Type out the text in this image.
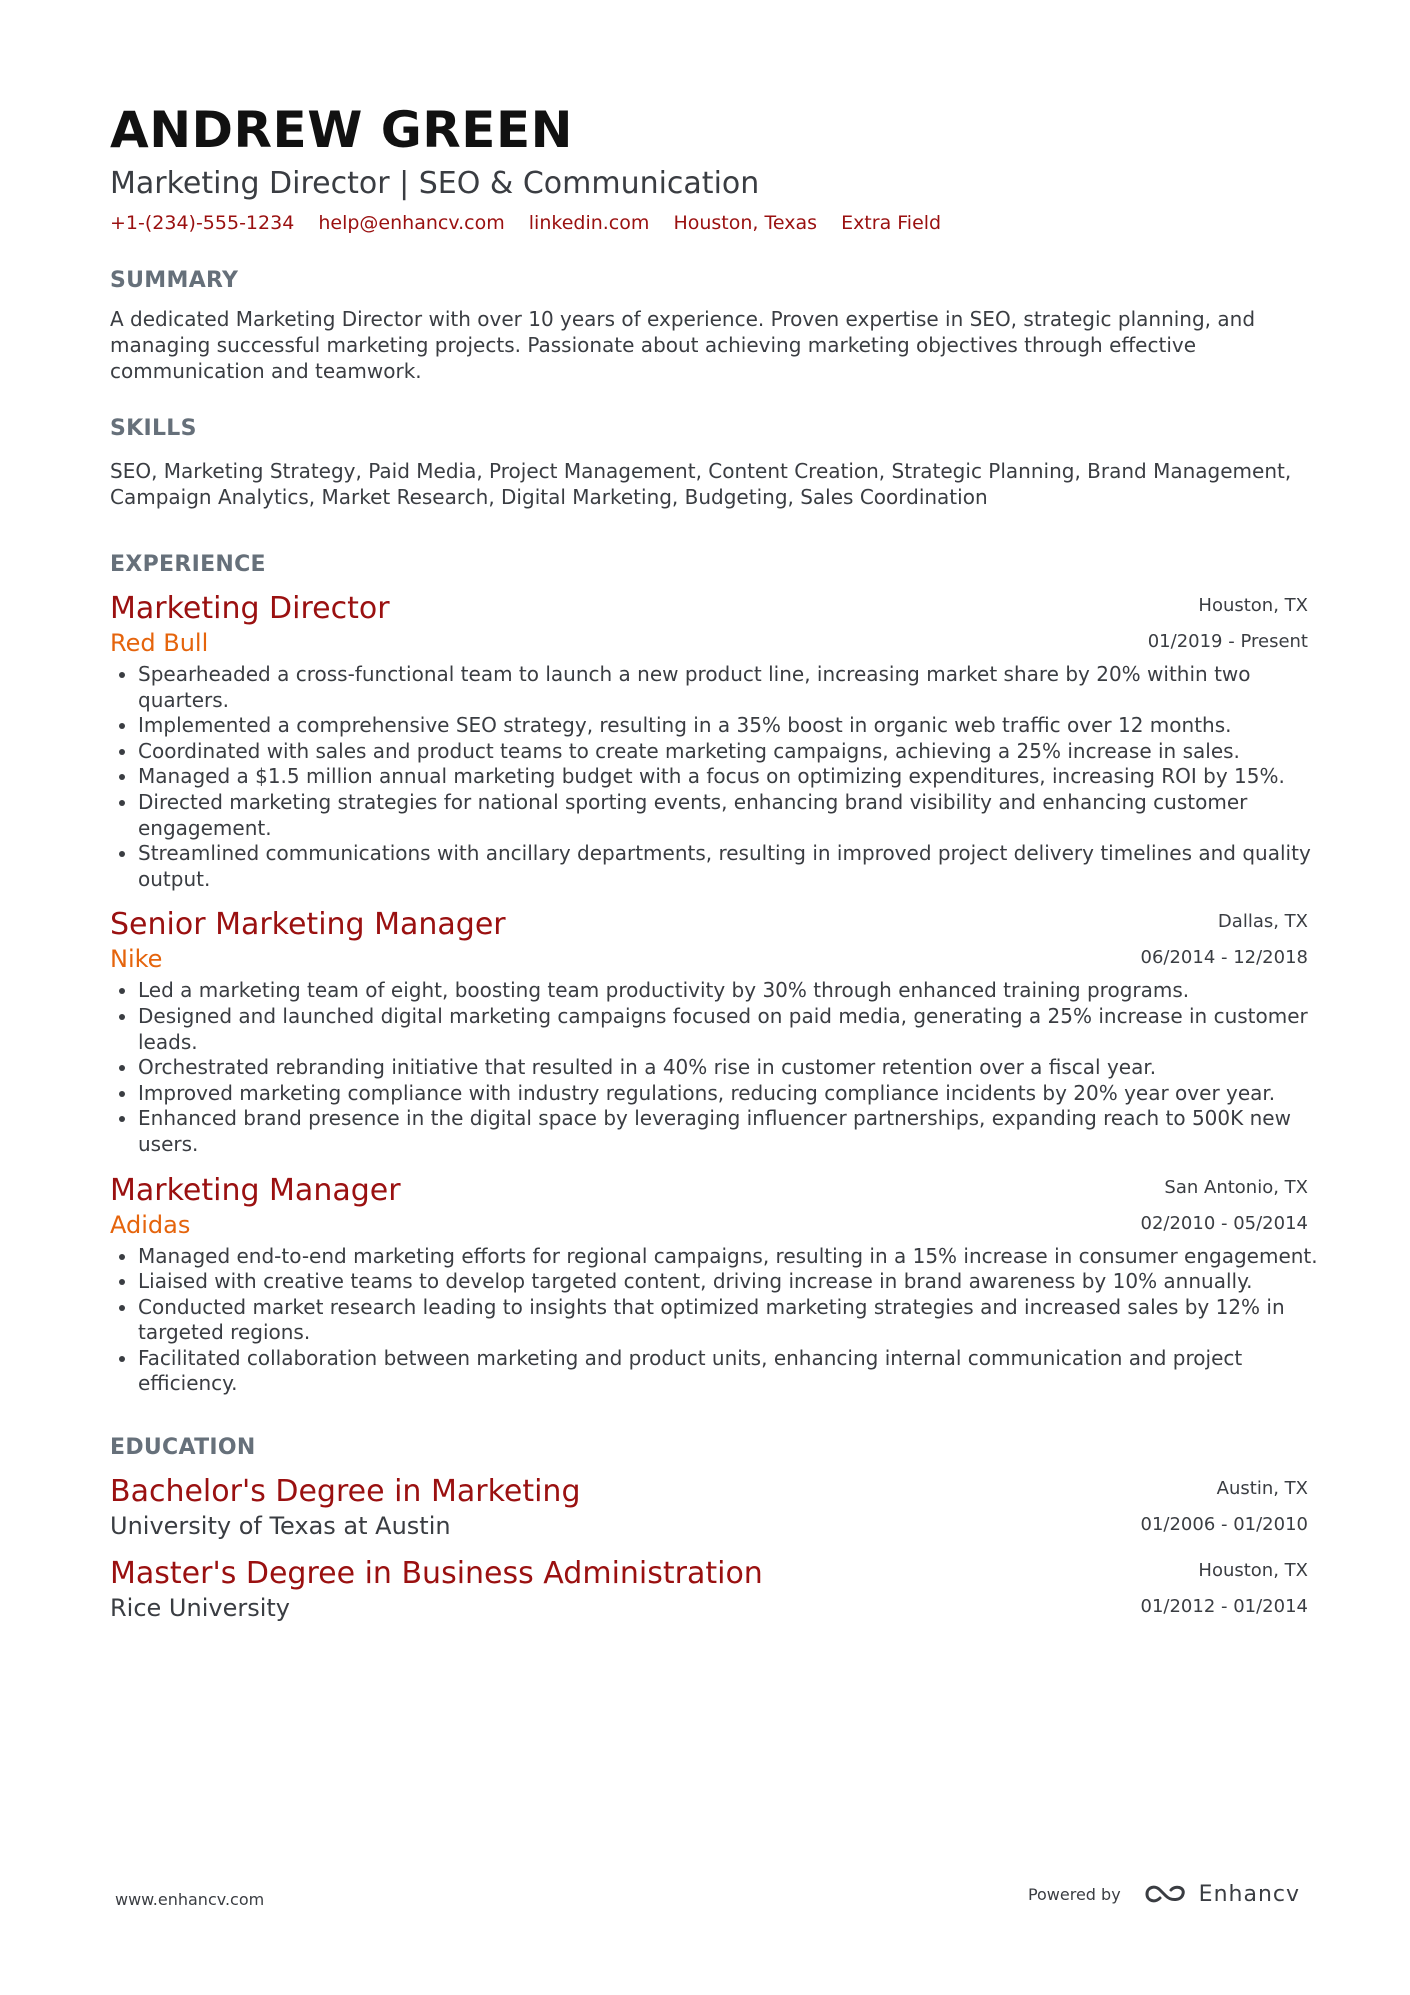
ANDREW GREEN
Marketing Director | SEO & Communication
+1-(234)-555-1234 help@enhancv.com linkedin.com Houston, Texas Extra Field
SUMMARY
A dedicated Marketing Director with over 10 years of experience. Proven expertise in SEO, strategic planning, and managing successful marketing projects. Passionate about achieving marketing objectives through effective communication and teamwork.
SKILLS
SEO, Marketing Strategy, Paid Media, Project Management, Content Creation, Strategic Planning, Brand Management, Campaign Analytics, Market Research, Digital Marketing, Budgeting, Sales Coordination
EXPERIENCE
Marketing Director
Red Bull
Houston, TX
01/2019 - Present
• Spearheaded a cross-functional team to launch a new product line, increasing market share by 20% within two quarters.
• Implemented a comprehensive SEO strategy, resulting in a 35% boost in organic web traffic over 12 months.
• Coordinated with sales and product teams to create marketing campaigns, achieving a 25% increase in sales.
• Managed a $1.5 million annual marketing budget with a focus on optimizing expenditures, increasing ROI by 15%.
• Directed marketing strategies for national sporting events, enhancing brand visibility and enhancing customer engagement.
• Streamlined communications with ancillary departments, resulting in improved project delivery timelines and quality output.
Senior Marketing Manager
Nike
Dallas, TX
06/2014 - 12/2018
• Led a marketing team of eight, boosting team productivity by 30% through enhanced training programs.
• Designed and launched digital marketing campaigns focused on paid media, generating a 25% increase in customer leads.
• Orchestrated rebranding initiative that resulted in a 40% rise in customer retention over a fiscal year.
• Improved marketing compliance with industry regulations, reducing compliance incidents by 20% year over year.
• Enhanced brand presence in the digital space by leveraging influencer partnerships, expanding reach to 500K new users.
Marketing Manager
Adidas
San Antonio, TX
02/2010 - 05/2014
• Managed end-to-end marketing efforts for regional campaigns, resulting in a 15% increase in consumer engagement.
• Liaised with creative teams to develop targeted content, driving increase in brand awareness by 10% annually.
• Conducted market research leading to insights that optimized marketing strategies and increased sales by 12% in targeted regions.
• Facilitated collaboration between marketing and product units, enhancing internal communication and project efficiency.
EDUCATION
Bachelor's Degree in Marketing
University of Texas at Austin
Austin, TX
01/2006 - 01/2010
Master's Degree in Business Administration
Rice University
Houston, TX
01/2012 - 01/2014
www.enhancv.com	Powered by	Enhancv
